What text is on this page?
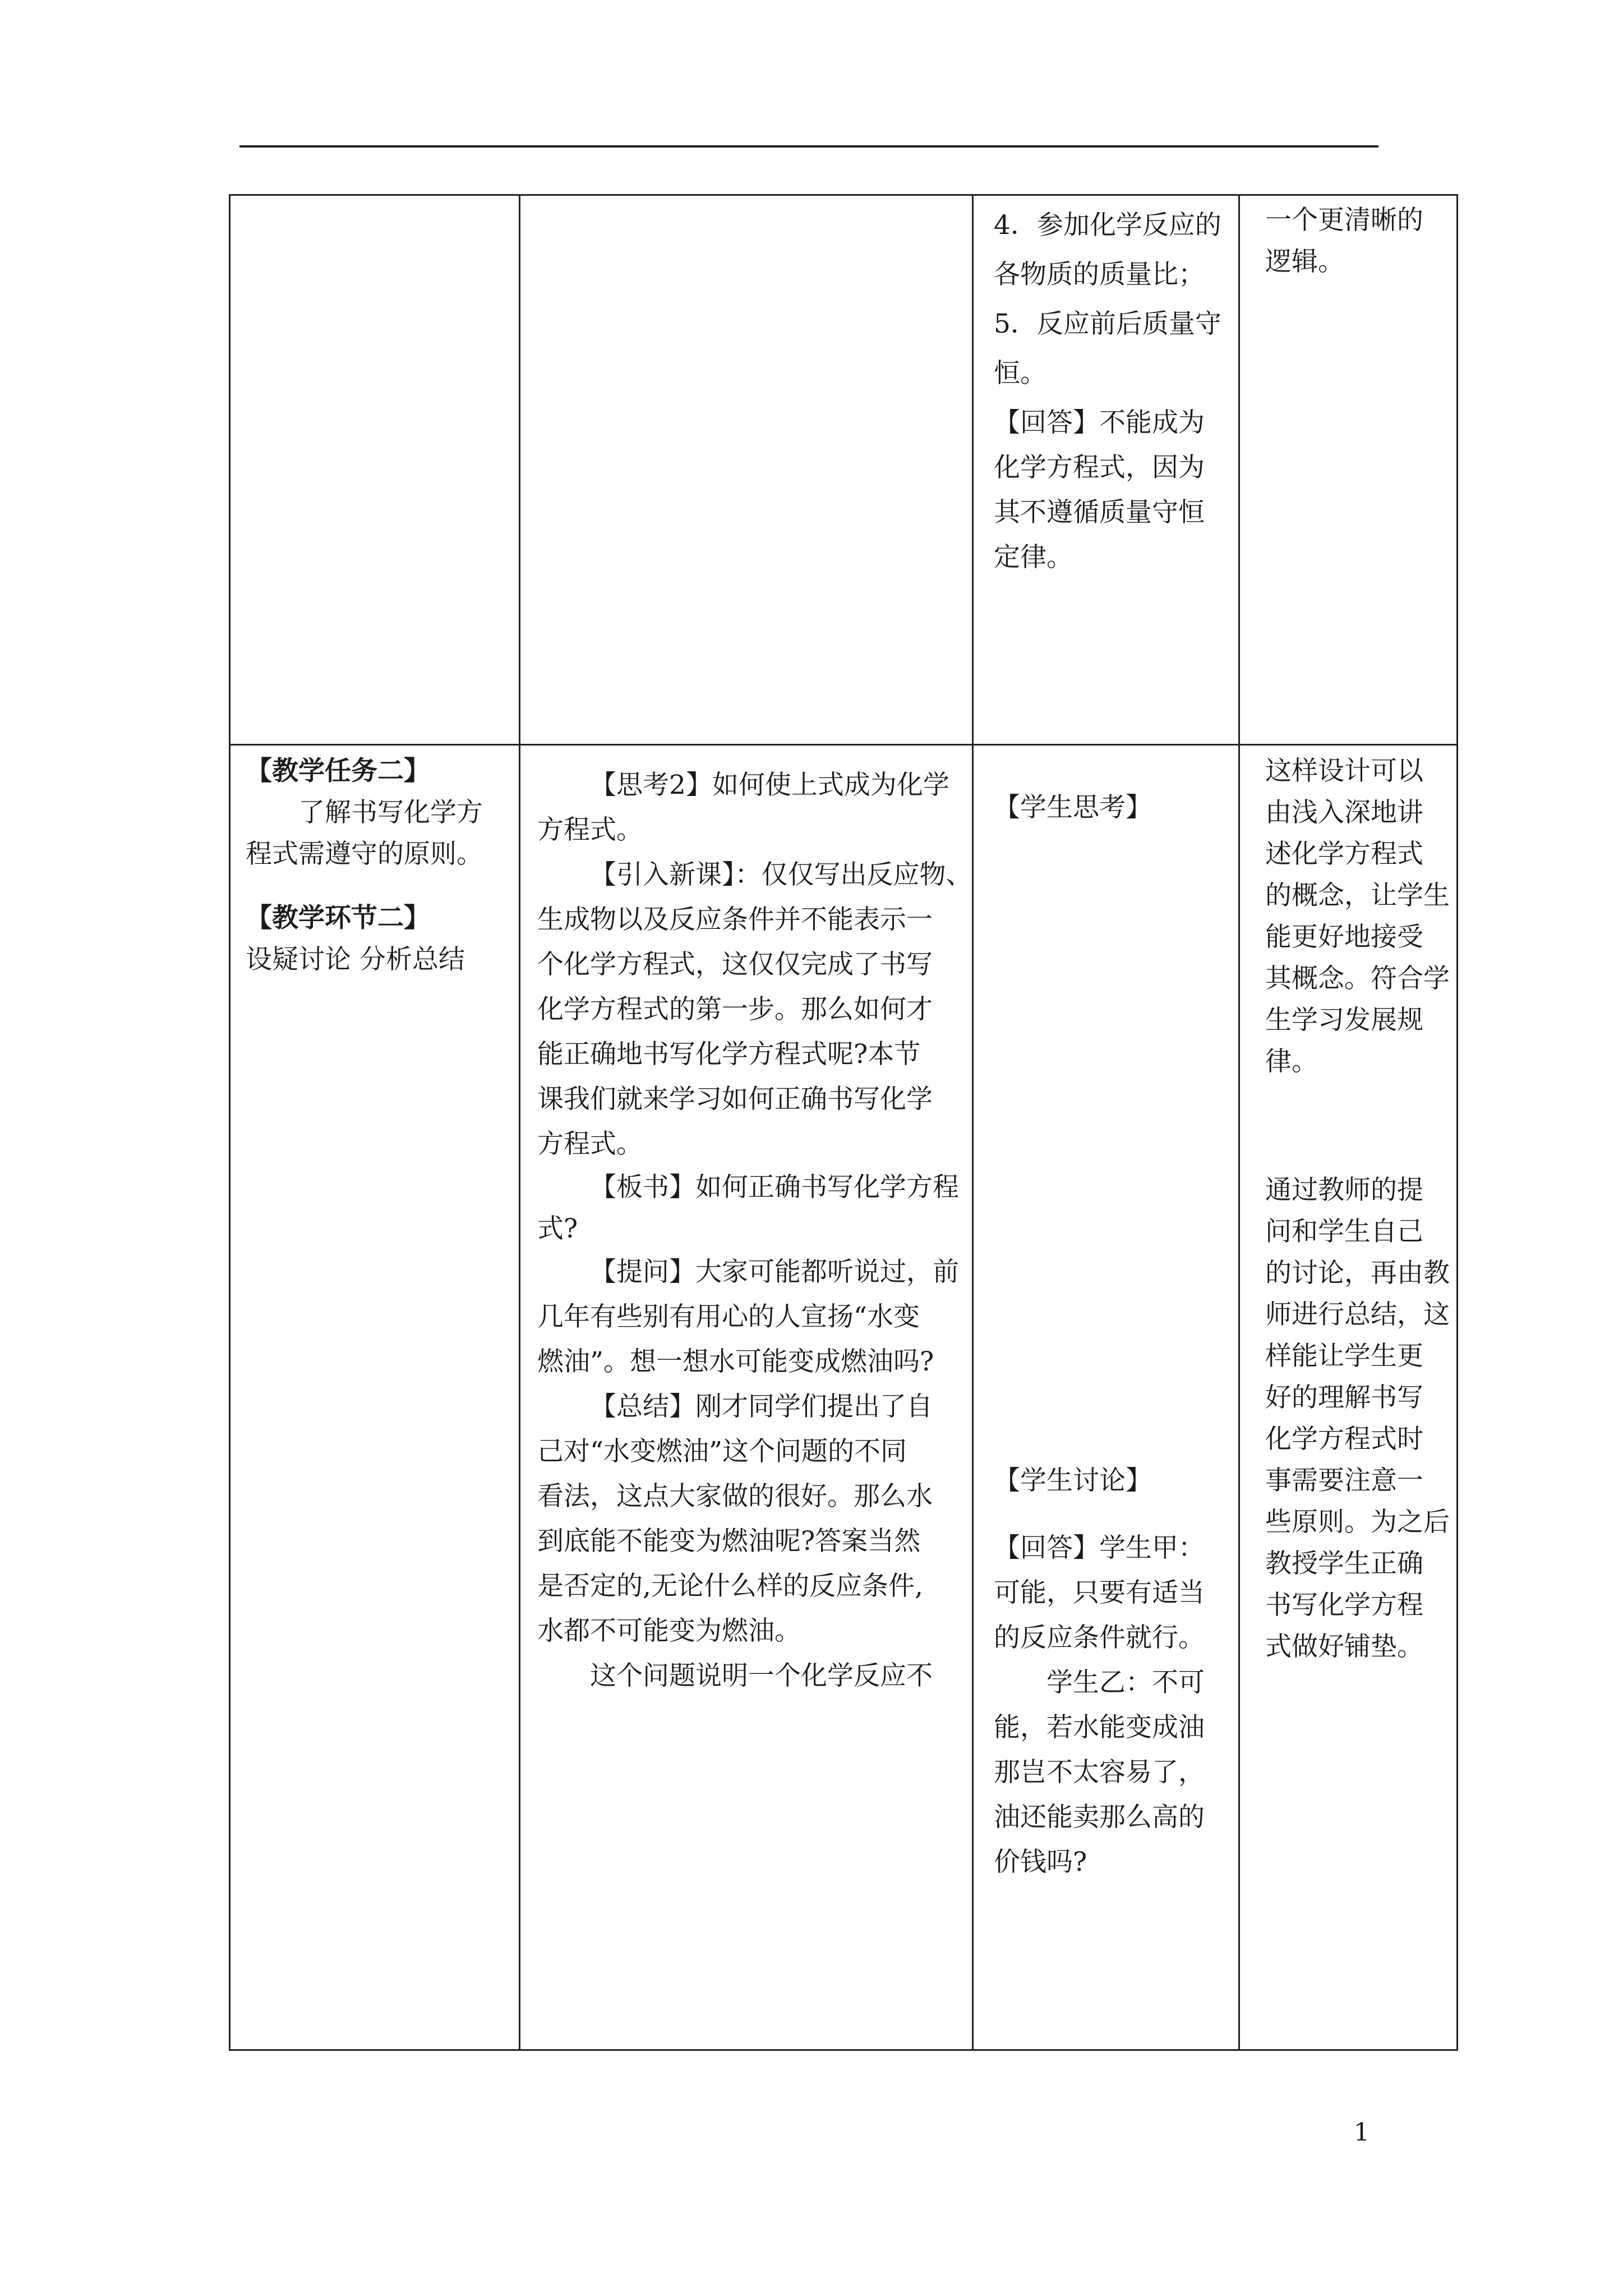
4．参加化学反应的

各物质的质量比；

5．反应前后质量守

恒。

【回答】不能成为

化学方程式，因为

其不遵循质量守恒

定律。

一个更清晰的

逻辑。

【教学任务二】

了解书写化学方

程式需遵守的原则。

【教学环节二】

设疑讨论 分析总结

【思考2】如何使上式成为化学

方程式。

【引入新课】：仅仅写出反应物、

生成物以及反应条件并不能表示一

个化学方程式，这仅仅完成了书写

化学方程式的第一步。那么如何才

能正确地书写化学方程式呢?本节

课我们就来学习如何正确书写化学

方程式。

【板书】如何正确书写化学方程

式?

【提问】大家可能都听说过，前

几年有些别有用心的人宣扬“水变

燃油”。想一想水可能变成燃油吗?

【总结】刚才同学们提出了自

己对“水变燃油”这个问题的不同

看法，这点大家做的很好。那么水

到底能不能变为燃油呢?答案当然

是否定的,无论什么样的反应条件,

水都不可能变为燃油。

这个问题说明一个化学反应不

【学生思考】

【学生讨论】

【回答】学生甲：

可能，只要有适当

的反应条件就行。

学生乙：不可

能，若水能变成油

那岂不太容易了，

油还能卖那么高的

价钱吗?

这样设计可以

由浅入深地讲

述化学方程式

的概念，让学生

能更好地接受

其概念。符合学

生学习发展规

律。

通过教师的提

问和学生自己

的讨论，再由教

师进行总结，这

样能让学生更

好的理解书写

化学方程式时

事需要注意一

些原则。为之后

教授学生正确

书写化学方程

式做好铺垫。

1
